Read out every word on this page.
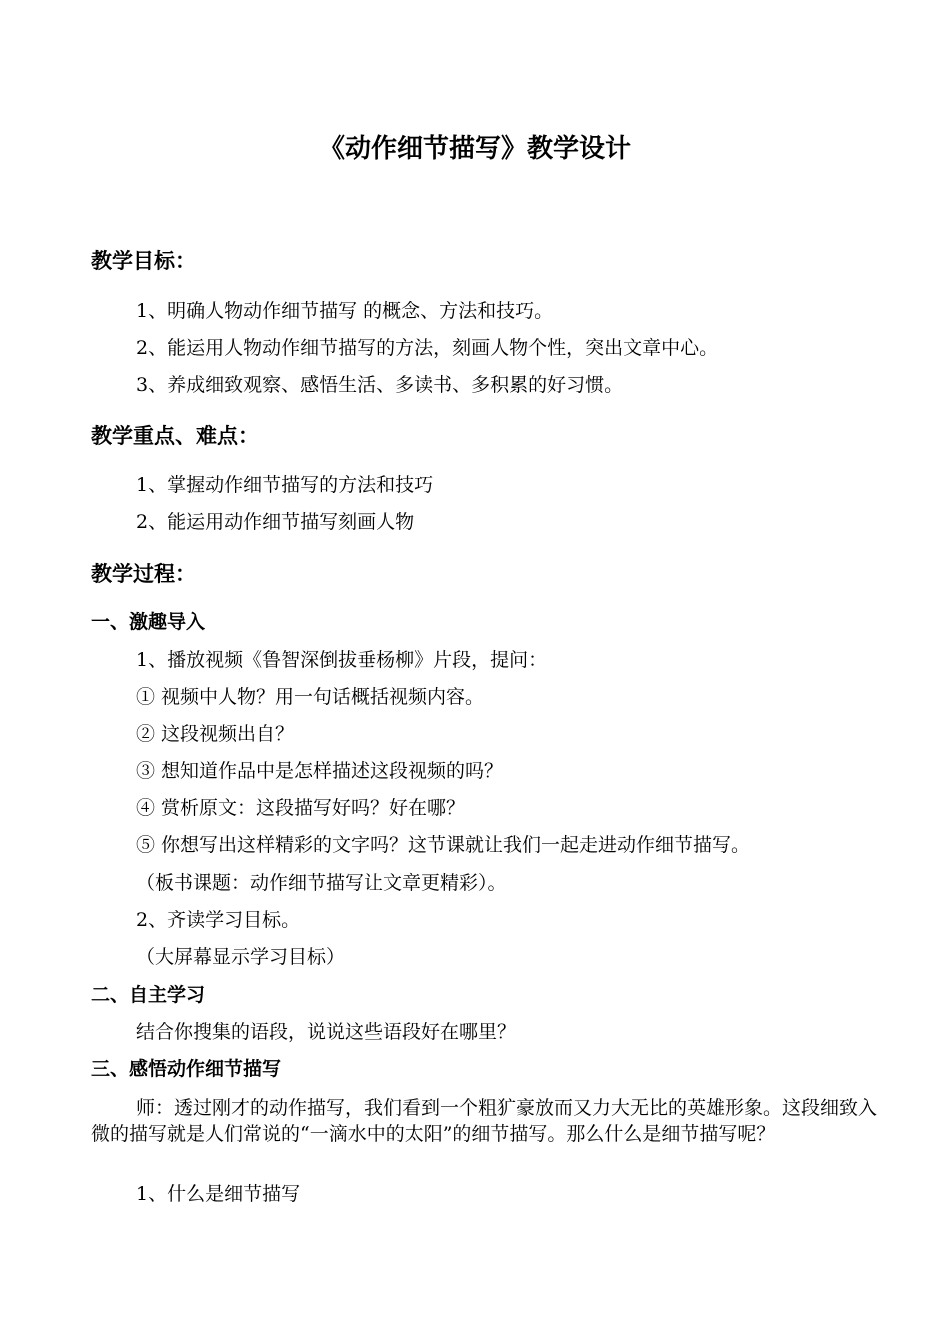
《动作细节描写》教学设计
教学目标：

1、明确人物动作细节描写 的概念、方法和技巧。

2、能运用人物动作细节描写的方法，刻画人物个性，突出文章中心。

3、养成细致观察、感悟生活、多读书、多积累的好习惯。

教学重点、难点：

1、掌握动作细节描写的方法和技巧

2、能运用动作细节描写刻画人物

教学过程：
一、激趣导入

1、播放视频《鲁智深倒拔垂杨柳》片段，提问：

① 视频中人物？用一句话概括视频内容。

② 这段视频出自？

③ 想知道作品中是怎样描述这段视频的吗？

④ 赏析原文：这段描写好吗？好在哪？

⑤ 你想写出这样精彩的文字吗？这节课就让我们一起走进动作细节描写。

（板书课题：动作细节描写让文章更精彩）。

2、齐读学习目标。

（大屏幕显示学习目标）

二、自主学习

结合你搜集的语段，说说这些语段好在哪里？

三、感悟动作细节描写

师：透过刚才的动作描写，我们看到一个粗犷豪放而又力大无比的英雄形象。这段细致入微的描写就是人们常说的“一滴水中的太阳”的细节描写。那么什么是细节描写呢？

1、什么是细节描写
